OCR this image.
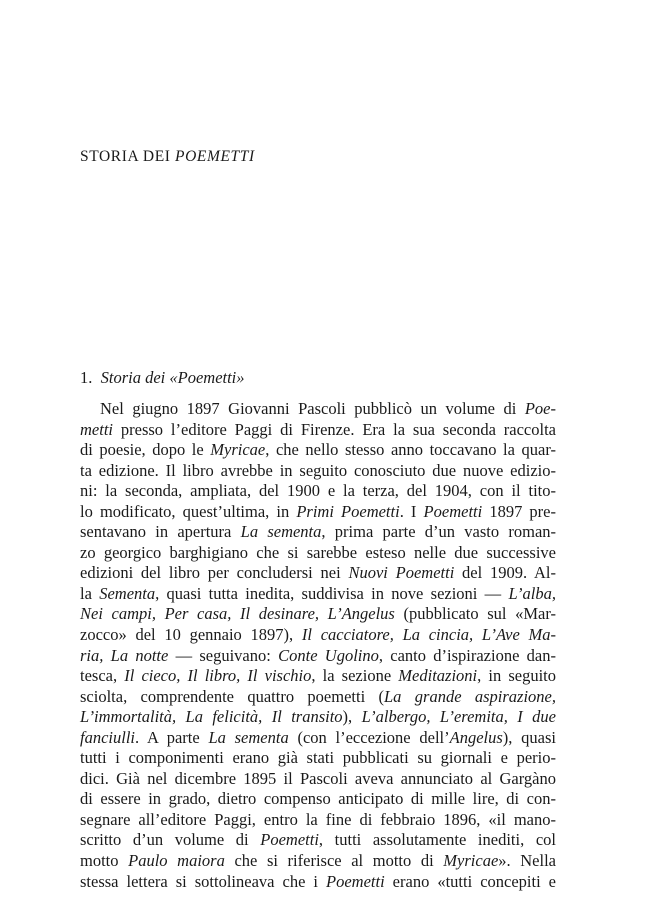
STORIA DEI POEMETTI
1. Storia dei «Poemetti»
Nel giugno 1897 Giovanni Pascoli pubblicò un volume di Poe-
metti presso l’editore Paggi di Firenze. Era la sua seconda raccolta
di poesie, dopo le Myricae, che nello stesso anno toccavano la quar-
ta edizione. Il libro avrebbe in seguito conosciuto due nuove edizio-
ni: la seconda, ampliata, del 1900 e la terza, del 1904, con il tito-
lo modificato, quest’ultima, in Primi Poemetti. I Poemetti 1897 pre-
sentavano in apertura La sementa, prima parte d’un vasto roman-
zo georgico barghigiano che si sarebbe esteso nelle due successive
edizioni del libro per concludersi nei Nuovi Poemetti del 1909. Al-
la Sementa, quasi tutta inedita, suddivisa in nove sezioni — L’alba,
Nei campi, Per casa, Il desinare, L’Angelus (pubblicato sul «Mar-
zocco» del 10 gennaio 1897), Il cacciatore, La cincia, L’Ave Ma-
ria, La notte — seguivano: Conte Ugolino, canto d’ispirazione dan-
tesca, Il cieco, Il libro, Il vischio, la sezione Meditazioni, in seguito
sciolta, comprendente quattro poemetti (La grande aspirazione,
L’immortalità, La felicità, Il transito), L’albergo, L’eremita, I due
fanciulli. A parte La sementa (con l’eccezione dell’Angelus), quasi
tutti i componimenti erano già stati pubblicati su giornali e perio-
dici. Già nel dicembre 1895 il Pascoli aveva annunciato al Gargàno
di essere in grado, dietro compenso anticipato di mille lire, di con-
segnare all’editore Paggi, entro la fine di febbraio 1896, «il mano-
scritto d’un volume di Poemetti, tutti assolutamente inediti, col
motto Paulo maiora che si riferisce al motto di Myricae». Nella
stessa lettera si sottolineava che i Poemetti erano «tutti concepiti e
